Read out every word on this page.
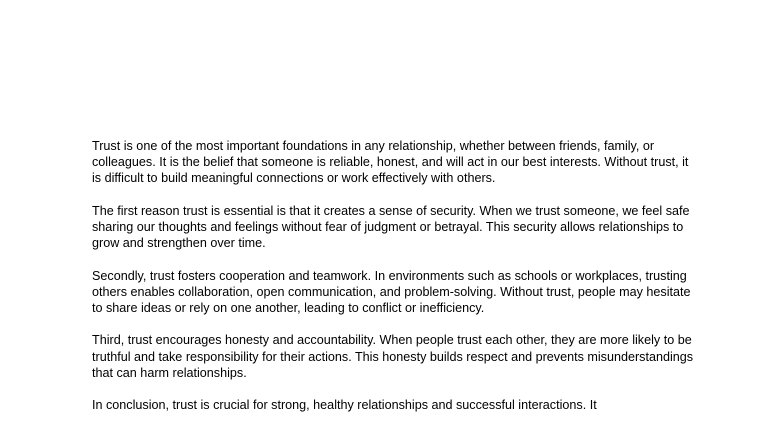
Trust is one of the most important foundations in any relationship, whether between friends, family, or colleagues. It is the belief that someone is reliable, honest, and will act in our best interests. Without trust, it is difficult to build meaningful connections or work effectively with others.

The first reason trust is essential is that it creates a sense of security. When we trust someone, we feel safe sharing our thoughts and feelings without fear of judgment or betrayal. This security allows relationships to grow and strengthen over time.

Secondly, trust fosters cooperation and teamwork. In environments such as schools or workplaces, trusting others enables collaboration, open communication, and problem-solving. Without trust, people may hesitate to share ideas or rely on one another, leading to conflict or inefficiency.

Third, trust encourages honesty and accountability. When people trust each other, they are more likely to be truthful and take responsibility for their actions. This honesty builds respect and prevents misunderstandings that can harm relationships.

In conclusion, trust is crucial for strong, healthy relationships and successful interactions. It
